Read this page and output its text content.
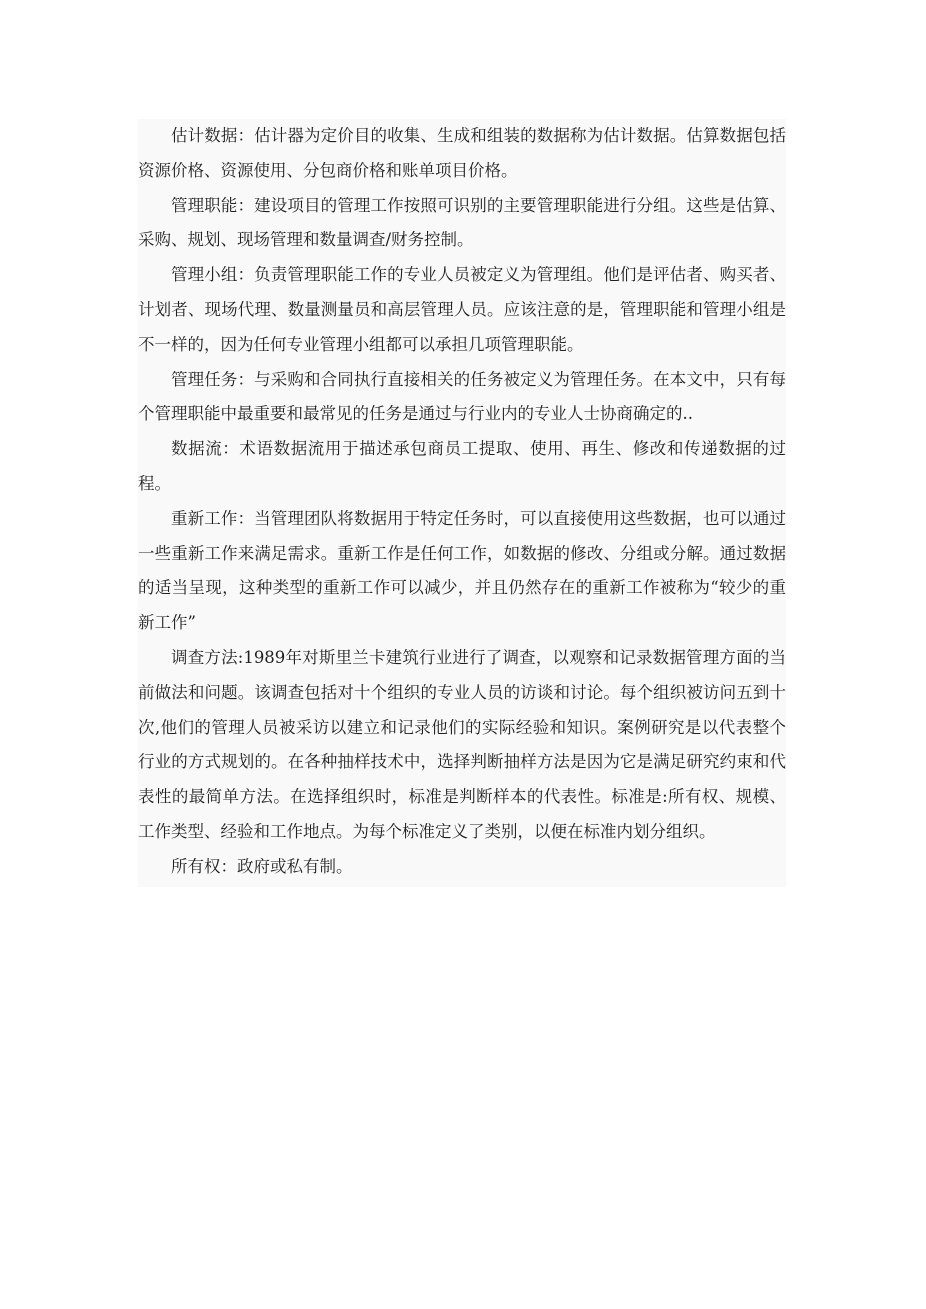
估计数据：估计器为定价目的收集、生成和组装的数据称为估计数据。估算数据包括资源价格、资源使用、分包商价格和账单项目价格。

管理职能：建设项目的管理工作按照可识别的主要管理职能进行分组。这些是估算、采购、规划、现场管理和数量调查/财务控制。

管理小组：负责管理职能工作的专业人员被定义为管理组。他们是评估者、购买者、计划者、现场代理、数量测量员和高层管理人员。应该注意的是，管理职能和管理小组是不一样的，因为任何专业管理小组都可以承担几项管理职能。

管理任务：与采购和合同执行直接相关的任务被定义为管理任务。在本文中，只有每个管理职能中最重要和最常见的任务是通过与行业内的专业人士协商确定的..

数据流：术语数据流用于描述承包商员工提取、使用、再生、修改和传递数据的过程。

重新工作：当管理团队将数据用于特定任务时，可以直接使用这些数据，也可以通过一些重新工作来满足需求。重新工作是任何工作，如数据的修改、分组或分解。通过数据的适当呈现，这种类型的重新工作可以减少，并且仍然存在的重新工作被称为“较少的重新工作”

调查方法:1989年对斯里兰卡建筑行业进行了调查，以观察和记录数据管理方面的当前做法和问题。该调查包括对十个组织的专业人员的访谈和讨论。每个组织被访问五到十次,他们的管理人员被采访以建立和记录他们的实际经验和知识。案例研究是以代表整个行业的方式规划的。在各种抽样技术中，选择判断抽样方法是因为它是满足研究约束和代表性的最简单方法。在选择组织时，标准是判断样本的代表性。标准是:所有权、规模、工作类型、经验和工作地点。为每个标准定义了类别，以便在标准内划分组织。

所有权：政府或私有制。
